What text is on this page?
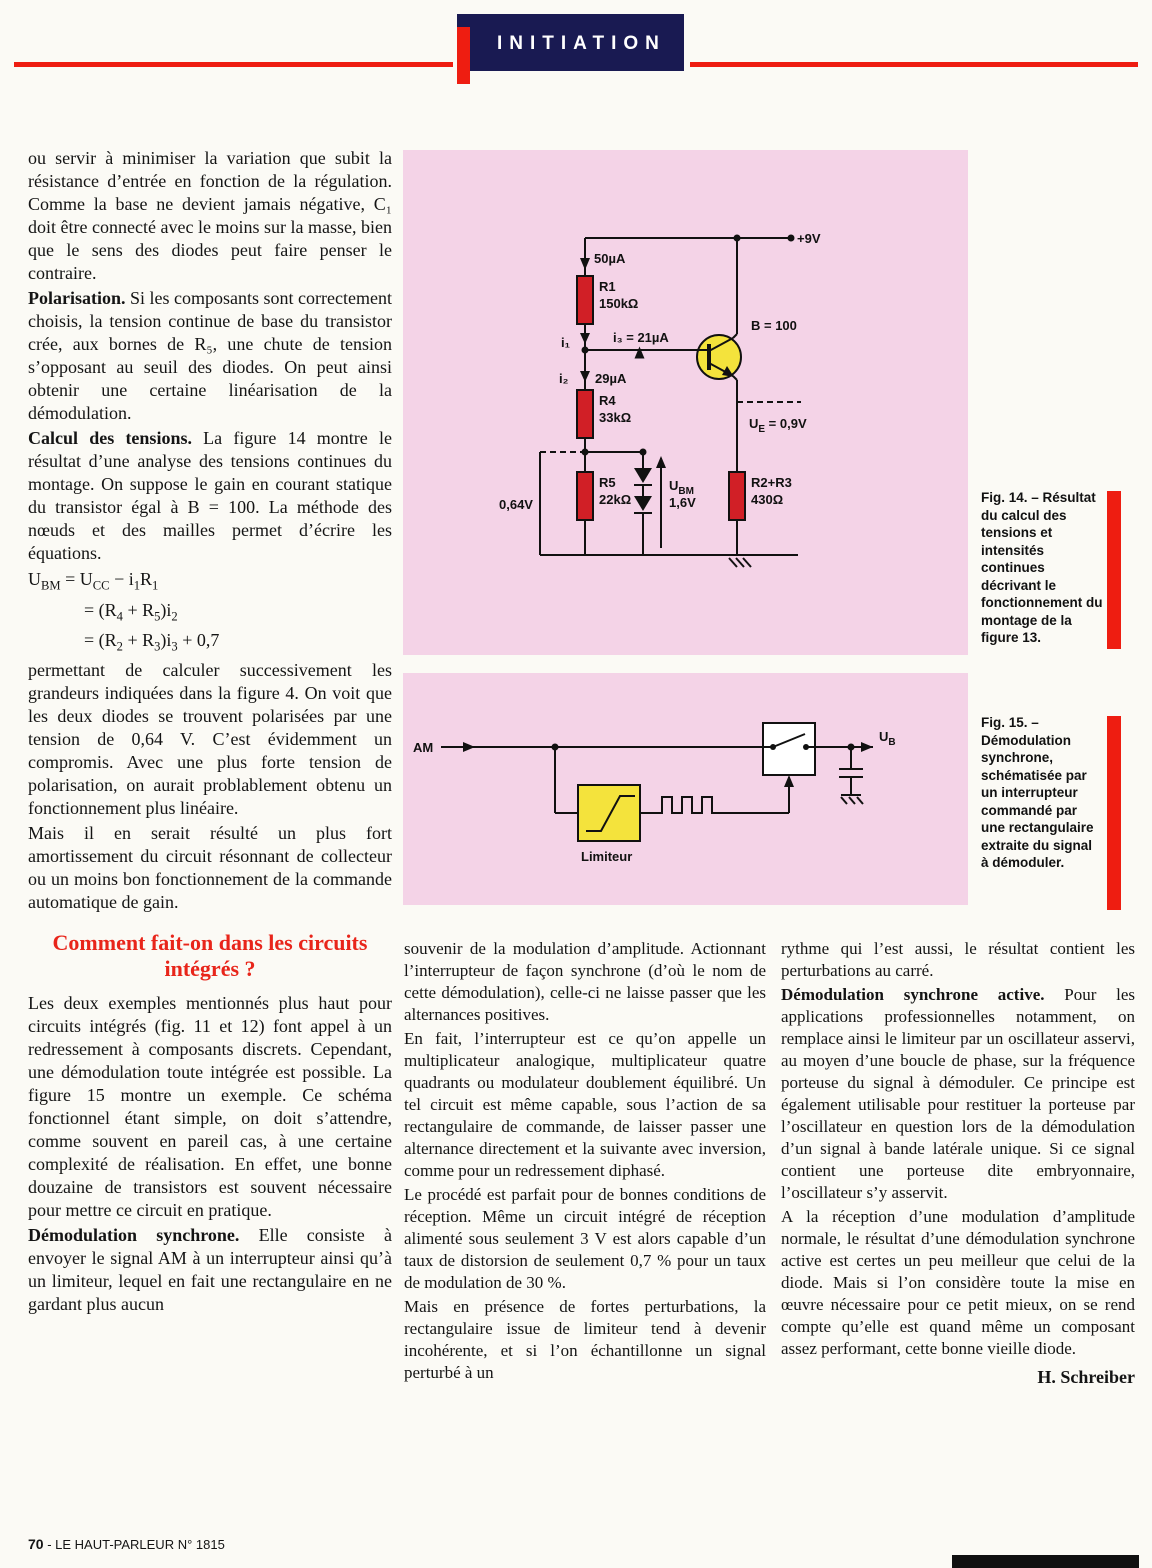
INITIATION

ou servir à minimiser la variation que subit la résistance d’entrée en fonction de la régulation. Comme la base ne devient jamais négative, C₁ doit être connecté avec le moins sur la masse, bien que le sens des diodes peut faire penser le contraire.

Polarisation. Si les composants sont correctement choisis, la tension continue de base du transistor crée, aux bornes de R₅, une chute de tension s’opposant au seuil des diodes. On peut ainsi obtenir une certaine linéarisation de la démodulation.

Calcul des tensions. La figure 14 montre le résultat d’une analyse des tensions continues du montage. On suppose le gain en courant statique du transistor égal à B = 100. La méthode des nœuds et des mailles permet d’écrire les équations.

$U_{BM} = U_{CC} - i_1R_1$
= $(R_4 + R_5)i_2$
= $(R_2 + R_3)i_3 + 0,7$

permettant de calculer successivement les grandeurs indiquées dans la figure 4. On voit que les deux diodes se trouvent polarisées par une tension de 0,64 V. C’est évidemment un compromis. Avec une plus forte tension de polarisation, on aurait problablement obtenu un fonctionnement plus linéaire.

Mais il en serait résulté un plus fort amortissement du circuit résonnant de collecteur ou un moins bon fonctionnement de la commande automatique de gain.

Comment fait-on dans les circuits intégrés ?

Les deux exemples mentionnés plus haut pour circuits intégrés (fig. 11 et 12) font appel à un redressement à composants discrets. Cependant, une démodulation toute intégrée est possible. La figure 15 montre un exemple. Ce schéma fonctionnel étant simple, on doit s’attendre, comme souvent en pareil cas, à une certaine complexité de réalisation. En effet, une bonne douzaine de transistors est souvent nécessaire pour mettre ce circuit en pratique.

Démodulation synchrone. Elle consiste à envoyer le signal AM à un interrupteur ainsi qu’à un limiteur, lequel en fait une rectangulaire en ne gardant plus aucun

+9V
50µA
R1
150kΩ
i₁	i₃ = 21µA
B = 100
i₂ 29µA
R4
33kΩ	$U_E = 0,9V$
0,64V
R5
22kΩ
$U_{BM}$
1,6V
R2+R3
430Ω
AM
Limiteur
$U_B$
Fig. 14. – Résultat du calcul des tensions et intensités continues décrivant le fonctionnement du montage de la figure 13.
Fig. 15. – Démodulation synchrone, schématisée par un interrupteur commandé par une rectangulaire extraite du signal à démoduler.

souvenir de la modulation d’amplitude. Actionnant l’interrupteur de façon synchrone (d’où le nom de cette démodulation), celle-ci ne laisse passer que les alternances positives.

En fait, l’interrupteur est ce qu’on appelle un multiplicateur analogique, multiplicateur quatre quadrants ou modulateur doublement équilibré. Un tel circuit est même capable, sous l’action de sa rectangulaire de commande, de laisser passer une alternance directement et la suivante avec inversion, comme pour un redressement diphasé.

Le procédé est parfait pour de bonnes conditions de réception. Même un circuit intégré de réception alimenté sous seulement 3 V est alors capable d’un taux de distorsion de seulement 0,7 % pour un taux de modulation de 30 %.

Mais en présence de fortes perturbations, la rectangulaire issue de limiteur tend à devenir incohérente, et si l’on échantillonne un signal perturbé à un

rythme qui l’est aussi, le résultat contient les perturbations au carré.

Démodulation synchrone active. Pour les applications professionnelles notamment, on remplace ainsi le limiteur par un oscillateur asservi, au moyen d’une boucle de phase, sur la fréquence porteuse du signal à démoduler. Ce principe est également utilisable pour restituer la porteuse par l’oscillateur en question lors de la démodulation d’un signal à bande latérale unique. Si ce signal contient une porteuse dite embryonnaire, l’oscillateur s’y asservit.

A la réception d’une modulation d’amplitude normale, le résultat d’une démodulation synchrone active est certes un peu meilleur que celui de la diode. Mais si l’on considère toute la mise en œuvre nécessaire pour ce petit mieux, on se rend compte qu’elle est quand même un composant assez performant, cette bonne vieille diode.

H. Schreiber
70 - LE HAUT-PARLEUR N° 1815
